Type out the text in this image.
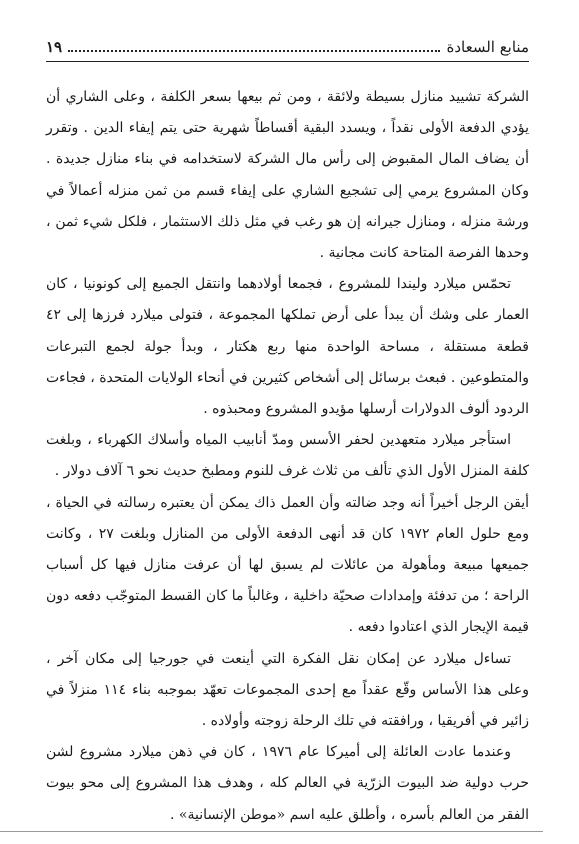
منابع السعادة
١٩

الشركة تشييد منازل بسيطة ولائقة ، ومن ثم بيعها بسعر الكلفة ، وعلى الشاري أن يؤدي الدفعة الأولى نقداً ، ويسدد البقية أقساطاً شهرية حتى يتم إيفاء الدين . وتقرر أن يضاف المال المقبوض إلى رأس مال الشركة لاستخدامه في بناء منازل جديدة . وكان المشروع يرمي إلى تشجيع الشاري على إيفاء قسم من ثمن منزله أعمالاً في ورشة منزله ، ومنازل جيرانه إن هو رغب في مثل ذلك الاستثمار ، فلكل شيء ثمن ، وحدها الفرصة المتاحة كانت مجانية .

تحمّس ميلارد وليندا للمشروع ، فجمعا أولادهما وانتقل الجميع إلى كونونيا ، كان العمار على وشك أن يبدأ على أرض تملكها المجموعة ، فتولى ميلارد فرزها إلى ٤٢ قطعة مستقلة ، مساحة الواحدة منها ربع هكتار ، وبدأ جولة لجمع التبرعات والمتطوعين . فبعث برسائل إلى أشخاص كثيرين في أنحاء الولايات المتحدة ، فجاءت الردود ألوف الدولارات أرسلها مؤيدو المشروع ومحبذوه .

استأجر ميلارد متعهدين لحفر الأسس ومدّ أنابيب المياه وأسلاك الكهرباء ، وبلغت كلفة المنزل الأول الذي تألف من ثلاث غرف للنوم ومطبخ حديث نحو ٦ آلاف دولار .

أيقن الرجل أخيراً أنه وجد ضالته وأن العمل ذاك يمكن أن يعتبره رسالته في الحياة ، ومع حلول العام ١٩٧٢ كان قد أنهى الدفعة الأولى من المنازل وبلغت ٢٧ ، وكانت جميعها مبيعة ومأهولة من عائلات لم يسبق لها أن عرفت منازل فيها كل أسباب الراحة ؛ من تدفئة وإمدادات صحيّة داخلية ، وغالباً ما كان القسط المتوجّب دفعه دون قيمة الإيجار الذي اعتادوا دفعه .

تساءل ميلارد عن إمكان نقل الفكرة التي أينعت في جورجيا إلى مكان آخر ، وعلى هذا الأساس وقّع عقداً مع إحدى المجموعات تعهّد بموجبه بناء ١١٤ منزلاً في زائير في أفريقيا ، ورافقته في تلك الرحلة زوجته وأولاده .

وعندما عادت العائلة إلى أميركا عام ١٩٧٦ ، كان في ذهن ميلارد مشروع لشن حرب دولية ضد البيوت الزرّية في العالم كله ، وهدف هذا المشروع إلى محو بيوت الفقر من العالم بأسره ، وأطلق عليه اسم «موطن الإنسانية» .
